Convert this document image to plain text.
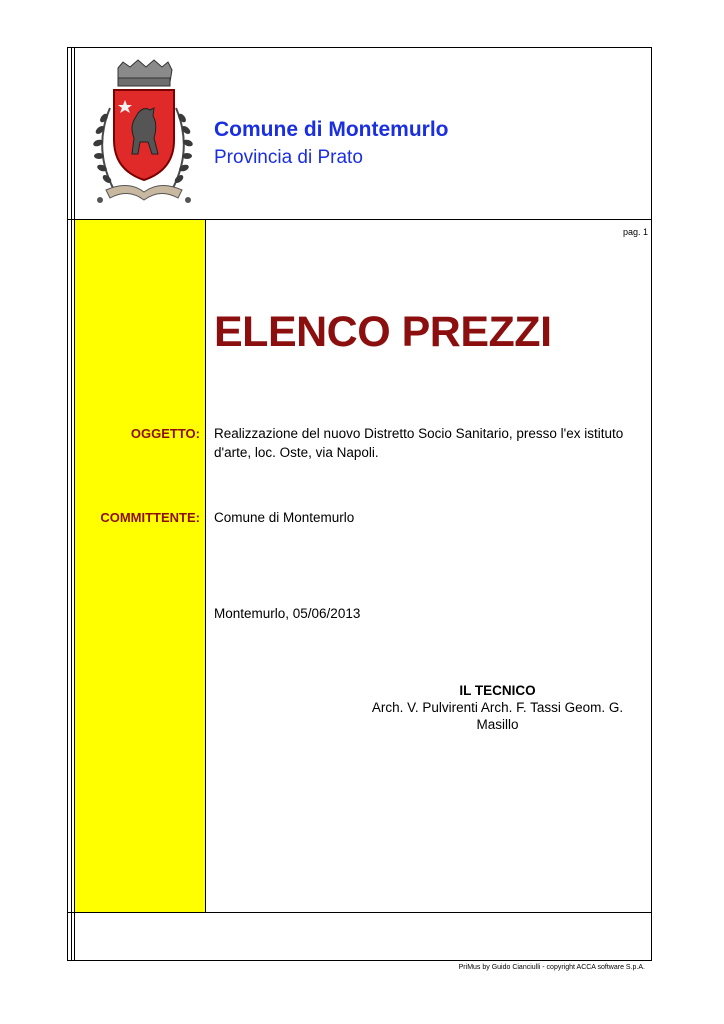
Comune di Montemurlo
Provincia di Prato
pag. 1
ELENCO PREZZI
OGGETTO: Realizzazione del nuovo Distretto Socio Sanitario, presso l'ex istituto d'arte, loc. Oste, via Napoli.
COMMITTENTE: Comune di Montemurlo
Montemurlo, 05/06/2013
IL TECNICO
Arch. V. Pulvirenti Arch. F. Tassi Geom. G. Masillo
PriMus by Guido Cianciulli - copyright ACCA software S.p.A.
